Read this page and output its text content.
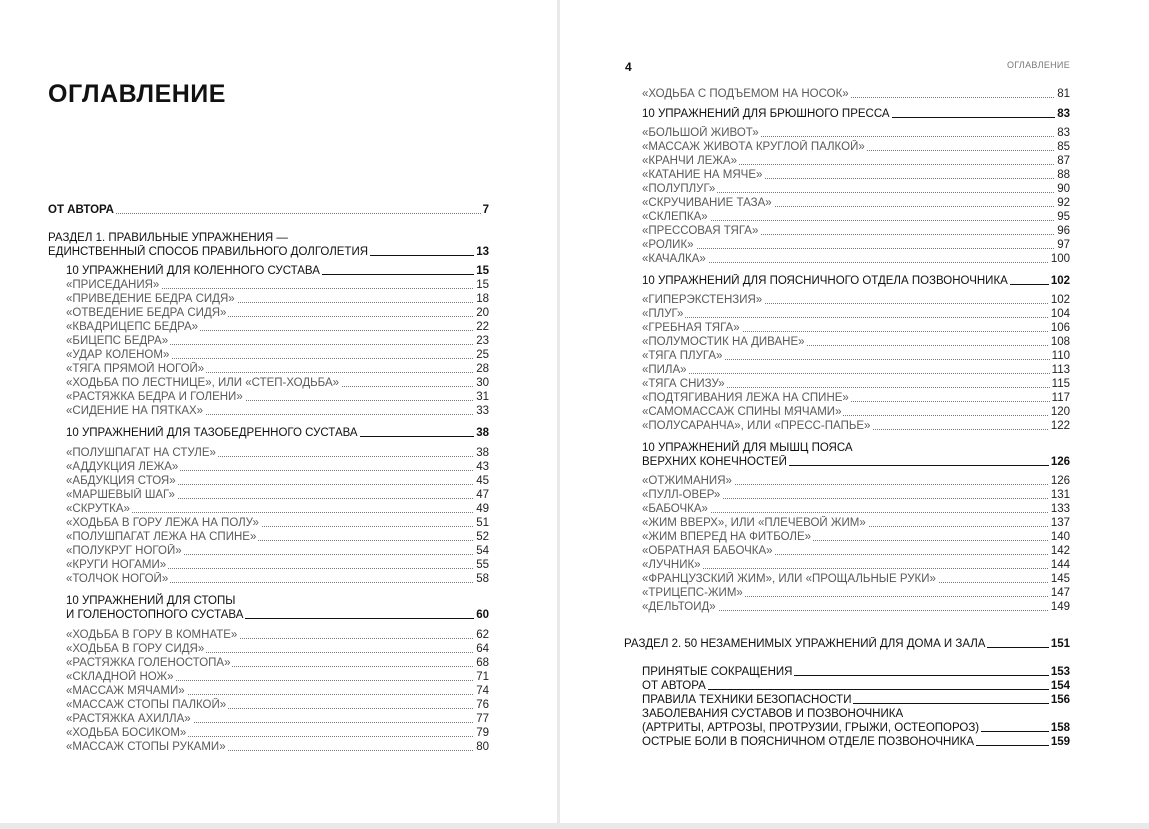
ОГЛАВЛЕНИЕ
ОТ АВТОРА	7
РАЗДЕЛ 1. ПРАВИЛЬНЫЕ УПРАЖНЕНИЯ —
ЕДИНСТВЕННЫЙ СПОСОБ ПРАВИЛЬНОГО ДОЛГОЛЕТИЯ	13
10 УПРАЖНЕНИЙ ДЛЯ КОЛЕННОГО СУСТАВА	15
«ПРИСЕДАНИЯ»	15
«ПРИВЕДЕНИЕ БЕДРА СИДЯ»	18
«ОТВЕДЕНИЕ БЕДРА СИДЯ»	20
«КВАДРИЦЕПС БЕДРА»	22
«БИЦЕПС БЕДРА»	23
«УДАР КОЛЕНОМ»	25
«ТЯГА ПРЯМОЙ НОГОЙ»	28
«ХОДЬБА ПО ЛЕСТНИЦЕ», ИЛИ «СТЕП-ХОДЬБА»	30
«РАСТЯЖКА БЕДРА И ГОЛЕНИ»	31
«СИДЕНИЕ НА ПЯТКАХ»	33
10 УПРАЖНЕНИЙ ДЛЯ ТАЗОБЕДРЕННОГО СУСТАВА	38
«ПОЛУШПАГАТ НА СТУЛЕ»	38
«АДДУКЦИЯ ЛЕЖА»	43
«АБДУКЦИЯ СТОЯ»	45
«МАРШЕВЫЙ ШАГ»	47
«СКРУТКА»	49
«ХОДЬБА В ГОРУ ЛЕЖА НА ПОЛУ»	51
«ПОЛУШПАГАТ ЛЕЖА НА СПИНЕ»	52
«ПОЛУКРУГ НОГОЙ»	54
«КРУГИ НОГАМИ»	55
«ТОЛЧОК НОГОЙ»	58
10 УПРАЖНЕНИЙ ДЛЯ СТОПЫ
И ГОЛЕНОСТОПНОГО СУСТАВА	60
«ХОДЬБА В ГОРУ В КОМНАТЕ»	62
«ХОДЬБА В ГОРУ СИДЯ»	64
«РАСТЯЖКА ГОЛЕНОСТОПА»	68
«СКЛАДНОЙ НОЖ»	71
«МАССАЖ МЯЧАМИ»	74
«МАССАЖ СТОПЫ ПАЛКОЙ»	76
«РАСТЯЖКА АХИЛЛА»	77
«ХОДЬБА БОСИКОМ»	79
«МАССАЖ СТОПЫ РУКАМИ»	80
4	ОГЛАВЛЕНИЕ
«ХОДЬБА С ПОДЪЕМОМ НА НОСОК»	81
10 УПРАЖНЕНИЙ ДЛЯ БРЮШНОГО ПРЕССА	83
«БОЛЬШОЙ ЖИВОТ»	83
«МАССАЖ ЖИВОТА КРУГЛОЙ ПАЛКОЙ»	85
«КРАНЧИ ЛЕЖА»	87
«КАТАНИЕ НА МЯЧЕ»	88
«ПОЛУПЛУГ»	90
«СКРУЧИВАНИЕ ТАЗА»	92
«СКЛЕПКА»	95
«ПРЕССОВАЯ ТЯГА»	96
«РОЛИК»	97
«КАЧАЛКА»	100
10 УПРАЖНЕНИЙ ДЛЯ ПОЯСНИЧНОГО ОТДЕЛА ПОЗВОНОЧНИКА	102
«ГИПЕРЭКСТЕНЗИЯ»	102
«ПЛУГ»	104
«ГРЕБНАЯ ТЯГА»	106
«ПОЛУМОСТИК НА ДИВАНЕ»	108
«ТЯГА ПЛУГА»	110
«ПИЛА»	113
«ТЯГА СНИЗУ»	115
«ПОДТЯГИВАНИЯ ЛЕЖА НА СПИНЕ»	117
«САМОМАССАЖ СПИНЫ МЯЧАМИ»	120
«ПОЛУСАРАНЧА», ИЛИ «ПРЕСС-ПАПЬЕ»	122
10 УПРАЖНЕНИЙ ДЛЯ МЫШЦ ПОЯСА
ВЕРХНИХ КОНЕЧНОСТЕЙ	126
«ОТЖИМАНИЯ»	126
«ПУЛЛ-ОВЕР»	131
«БАБОЧКА»	133
«ЖИМ ВВЕРХ», ИЛИ «ПЛЕЧЕВОЙ ЖИМ»	137
«ЖИМ ВПЕРЕД НА ФИТБОЛЕ»	140
«ОБРАТНАЯ БАБОЧКА»	142
«ЛУЧНИК»	144
«ФРАНЦУЗСКИЙ ЖИМ», ИЛИ «ПРОЩАЛЬНЫЕ РУКИ»	145
«ТРИЦЕПС-ЖИМ»	147
«ДЕЛЬТОИД»	149
РАЗДЕЛ 2. 50 НЕЗАМЕНИМЫХ УПРАЖНЕНИЙ ДЛЯ ДОМА И ЗАЛА	151
ПРИНЯТЫЕ СОКРАЩЕНИЯ	153
ОТ АВТОРА	154
ПРАВИЛА ТЕХНИКИ БЕЗОПАСНОСТИ	156
ЗАБОЛЕВАНИЯ СУСТАВОВ И ПОЗВОНОЧНИКА
(АРТРИТЫ, АРТРОЗЫ, ПРОТРУЗИИ, ГРЫЖИ, ОСТЕОПОРОЗ)	158
ОСТРЫЕ БОЛИ В ПОЯСНИЧНОМ ОТДЕЛЕ ПОЗВОНОЧНИКА	159
